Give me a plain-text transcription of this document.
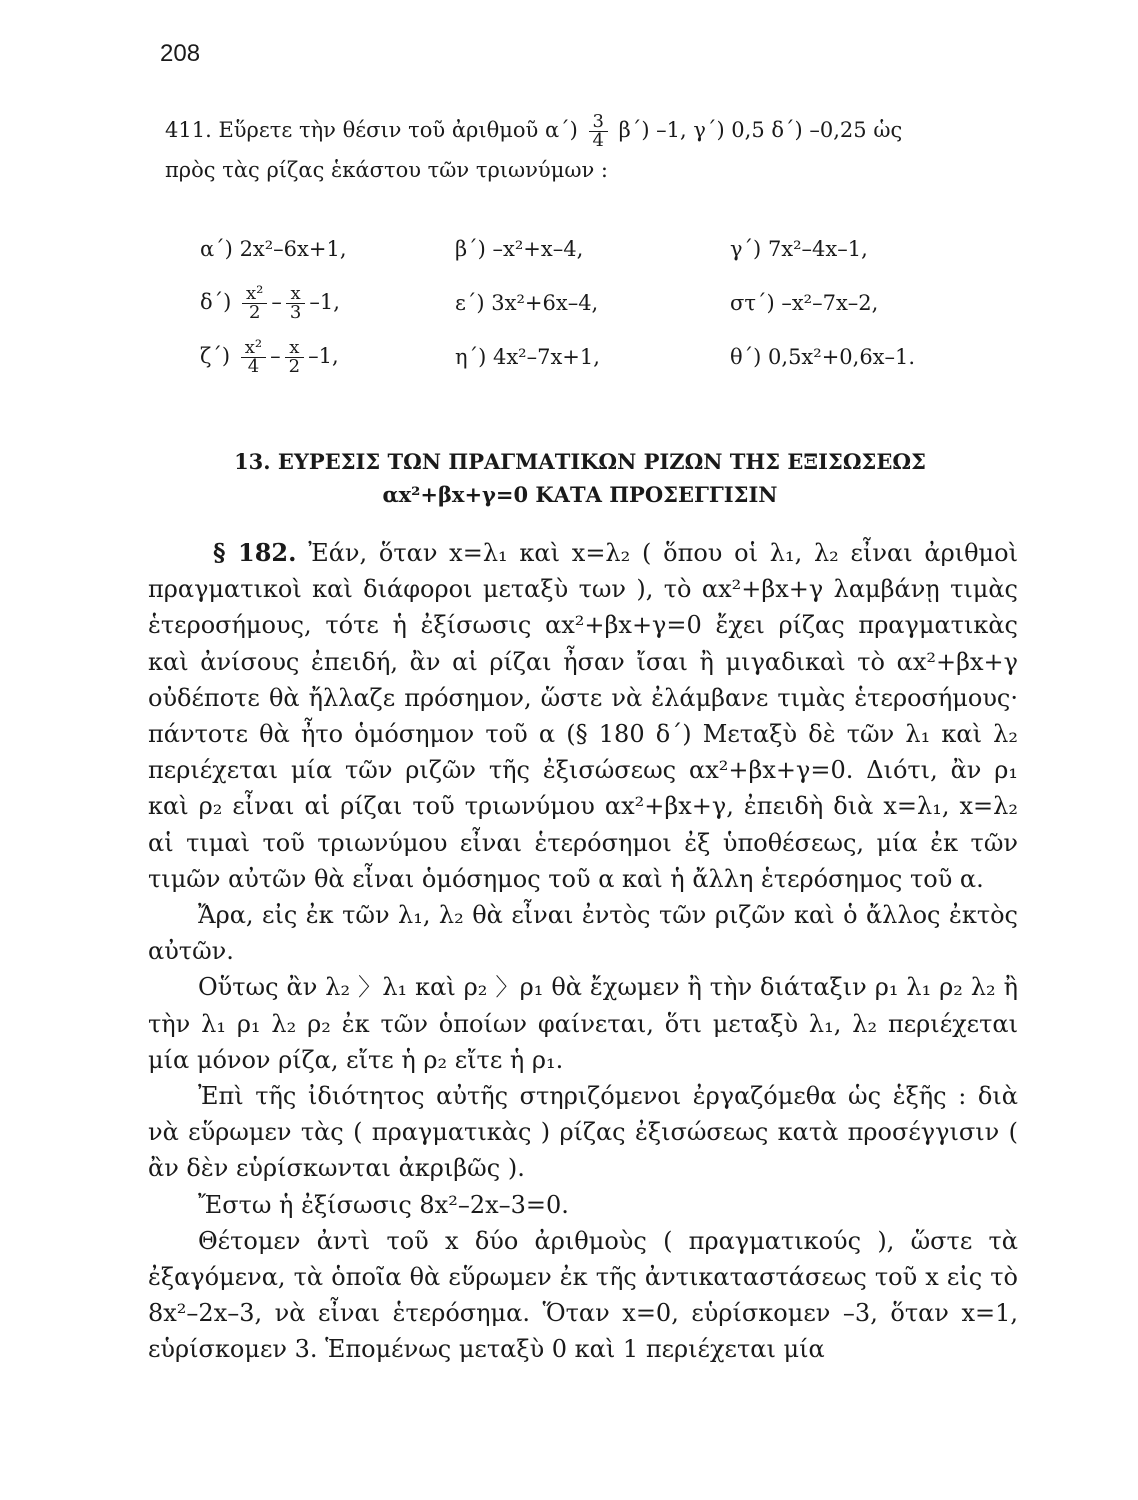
208
411. Εὕρετε τὴν θέσιν τοῦ ἀριθμοῦ $\alpha΄) \frac{3}{4} \beta΄$) –1, γ΄) 0,5 δ΄) –0,25 ὡς
πρὸς τὰς ρίζας ἑκάστου τῶν τριωνύμων :
α΄) 2x²–6x+1,	β΄) –x²+x–4,	γ΄) 7x²–4x–1,
$\delta΄) \frac{\text{x²}}{2} - \frac{x}{3} -1$,	ε΄) 3x²+6x–4,	στ΄) –x²–7x–2,
$\zeta΄) \frac{\text{x²}}{4} - \frac{x}{2} -1$,	η΄) 4x²–7x+1,	θ΄) 0,5x²+0,6x–1.
13. ΕΥΡΕΣΙΣ ΤΩΝ ΠΡΑΓΜΑΤΙΚΩΝ ΡΙΖΩΝ ΤΗΣ ΕΞΙΣΩΣΕΩΣ
αx²+βx+γ=0 ΚΑΤΑ ΠΡΟΣΕΓΓΙΣΙΝ

§ 182. Ἐάν, ὅταν x=λ₁ καὶ x=λ₂ ( ὅπου οἱ λ₁, λ₂ εἶναι ἀριθμοὶ πραγματικοὶ καὶ διάφοροι μεταξὺ των ), τὸ αx²+βx+γ λαμβάνῃ τιμὰς ἑτεροσήμους, τότε ἡ ἐξίσωσις αx²+βx+γ=0 ἔχει ρίζας πραγματικὰς καὶ ἀνίσους ἐπειδή, ἂν αἱ ρίζαι ἦσαν ἴσαι ἢ μιγαδικαὶ τὸ αx²+βx+γ οὐδέποτε θὰ ἤλλαζε πρόσημον, ὥστε νὰ ἐλάμβανε τιμὰς ἑτεροσήμους· πάντοτε θὰ ἦτο ὁμόσημον τοῦ α (§ 180 δ΄) Μεταξὺ δὲ τῶν λ₁ καὶ λ₂ περιέχεται μία τῶν ριζῶν τῆς ἐξισώσεως αx²+βx+γ=0. Διότι, ἂν ρ₁ καὶ ρ₂ εἶναι αἱ ρίζαι τοῦ τριωνύμου αx²+βx+γ, ἐπειδὴ διὰ x=λ₁, x=λ₂ αἱ τιμαὶ τοῦ τριωνύμου εἶναι ἑτερόσημοι ἐξ ὑποθέσεως, μία ἐκ τῶν τιμῶν αὐτῶν θὰ εἶναι ὁμόσημος τοῦ α καὶ ἡ ἄλλη ἑτερόσημος τοῦ α.

Ἄρα, εἰς ἐκ τῶν λ₁, λ₂ θὰ εἶναι ἐντὸς τῶν ριζῶν καὶ ὁ ἄλλος ἐκτὸς αὐτῶν.

Οὕτως ἂν λ₂ 〉λ₁ καὶ ρ₂ 〉ρ₁ θὰ ἔχωμεν ἢ τὴν διάταξιν ρ₁ λ₁ ρ₂ λ₂ ἢ τὴν λ₁ ρ₁ λ₂ ρ₂ ἐκ τῶν ὁποίων φαίνεται, ὅτι μεταξὺ λ₁, λ₂ περιέχεται μία μόνον ρίζα, εἴτε ἡ ρ₂ εἴτε ἡ ρ₁.

Ἐπὶ τῆς ἰδιότητος αὐτῆς στηριζόμενοι ἐργαζόμεθα ὡς ἑξῆς : διὰ νὰ εὕρωμεν τὰς ( πραγματικὰς ) ρίζας ἐξισώσεως κατὰ προσέγγισιν ( ἂν δὲν εὑρίσκωνται ἀκριβῶς ).

Ἔστω ἡ ἐξίσωσις 8x²–2x–3=0.

Θέτομεν ἀντὶ τοῦ x δύο ἀριθμοὺς ( πραγματικούς ), ὥστε τὰ ἐξαγόμενα, τὰ ὁποῖα θὰ εὕρωμεν ἐκ τῆς ἀντικαταστάσεως τοῦ x εἰς τὸ 8x²–2x–3, νὰ εἶναι ἑτερόσημα. Ὅταν x=0, εὑρίσκομεν –3, ὅταν x=1, εὑρίσκομεν 3. Ἑπομένως μεταξὺ 0 καὶ 1 περιέχεται μία
